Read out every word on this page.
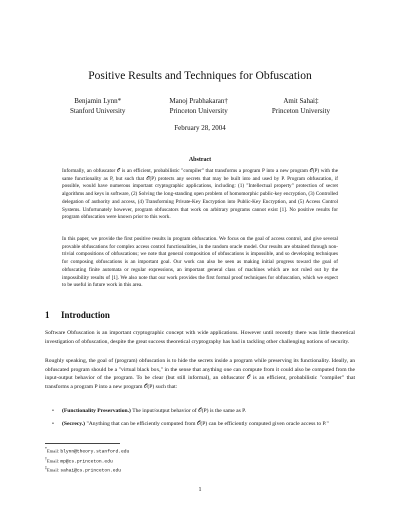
Positive Results and Techniques for Obfuscation
Benjamin Lynn*
Stanford University
Manoj Prabhakaran†
Princeton University
Amit Sahai‡
Princeton University
February 28, 2004
Abstract

Informally, an obfuscator 𝒪 is an efficient, probabilistic "compiler" that transforms a program P into a new program 𝒪(P) with the same functionality as P, but such that 𝒪(P) protects any secrets that may be built into and used by P. Program obfuscation, if possible, would have numerous important cryptographic applications, including: (1) "Intellectual property" protection of secret algorithms and keys in software, (2) Solving the long-standing open problem of homomorphic public-key encryption, (3) Controlled delegation of authority and access, (4) Transforming Private-Key Encryption into Public-Key Encryption, and (5) Access Control Systems. Unfortunately however, program obfuscators that work on arbitrary programs cannot exist [1]. No positive results for program obfuscation were known prior to this work.

In this paper, we provide the first positive results in program obfuscation. We focus on the goal of access control, and give several provable obfuscations for complex access control functionalities, in the random oracle model. Our results are obtained through non-trivial compositions of obfuscations; we note that general composition of obfuscations is impossible, and so developing techniques for composing obfuscations is an important goal. Our work can also be seen as making initial progress toward the goal of obfuscating finite automata or regular expressions, an important general class of machines which are not ruled out by the impossibility results of [1]. We also note that our work provides the first formal proof techniques for obfuscation, which we expect to be useful in future work in this area.

1 Introduction

Software Obfuscation is an important cryptographic concept with wide applications. However until recently there was little theoretical investigation of obfuscation, despite the great success theoretical cryptography has had in tackling other challenging notions of security.

Roughly speaking, the goal of (program) obfuscation is to hide the secrets inside a program while preserving its functionality. Ideally, an obfuscated program should be a "virtual black box," in the sense that anything one can compute from it could also be computed from the input-output behavior of the program. To be clear (but still informal), an obfuscator 𝒪 is an efficient, probabilistic "compiler" that transforms a program P into a new program 𝒪(P) such that:

•	(Functionality Preservation.) The input/output behavior of 𝒪(P) is the same as P.
•	(Secrecy.) "Anything that can be efficiently computed from 𝒪(P) can be efficiently computed given oracle access to P."
*Email: blynn@theory.stanford.edu
†Email: mp@cs.princeton.edu
‡Email: sahai@cs.princeton.edu
1
